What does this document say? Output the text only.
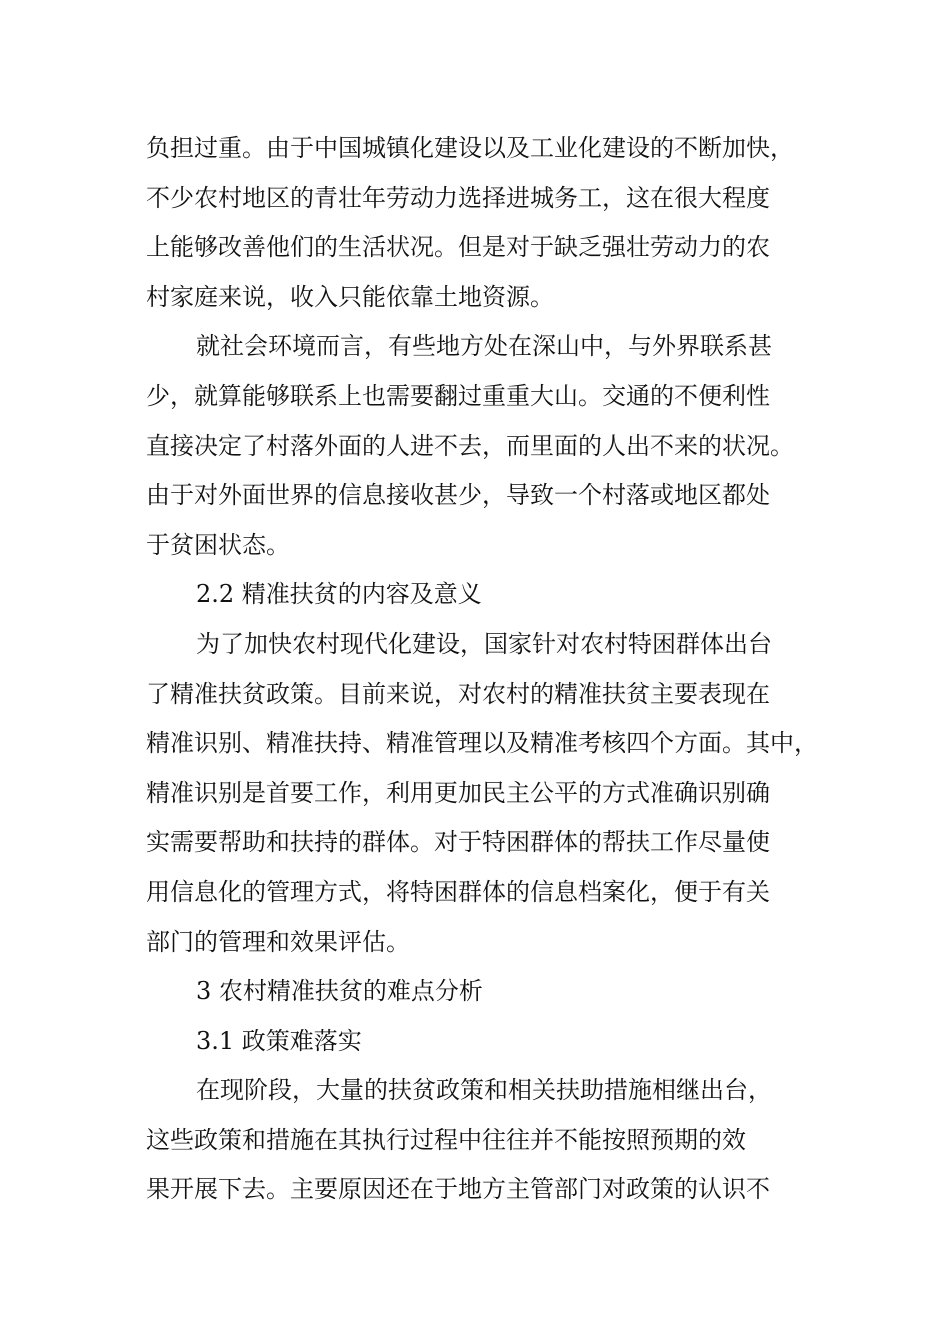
负担过重。由于中国城镇化建设以及工业化建设的不断加快，
不少农村地区的青壮年劳动力选择进城务工，这在很大程度
上能够改善他们的生活状况。但是对于缺乏强壮劳动力的农
村家庭来说，收入只能依靠土地资源。
就社会环境而言，有些地方处在深山中，与外界联系甚
少，就算能够联系上也需要翻过重重大山。交通的不便利性
直接决定了村落外面的人进不去，而里面的人出不来的状况。
由于对外面世界的信息接收甚少，导致一个村落或地区都处
于贫困状态。
2.2 精准扶贫的内容及意义
为了加快农村现代化建设，国家针对农村特困群体出台
了精准扶贫政策。目前来说，对农村的精准扶贫主要表现在
精准识别、精准扶持、精准管理以及精准考核四个方面。其中，
精准识别是首要工作，利用更加民主公平的方式准确识别确
实需要帮助和扶持的群体。对于特困群体的帮扶工作尽量使
用信息化的管理方式，将特困群体的信息档案化，便于有关
部门的管理和效果评估。
3 农村精准扶贫的难点分析
3.1 政策难落实
在现阶段，大量的扶贫政策和相关扶助措施相继出台，
这些政策和措施在其执行过程中往往并不能按照预期的效
果开展下去。主要原因还在于地方主管部门对政策的认识不
